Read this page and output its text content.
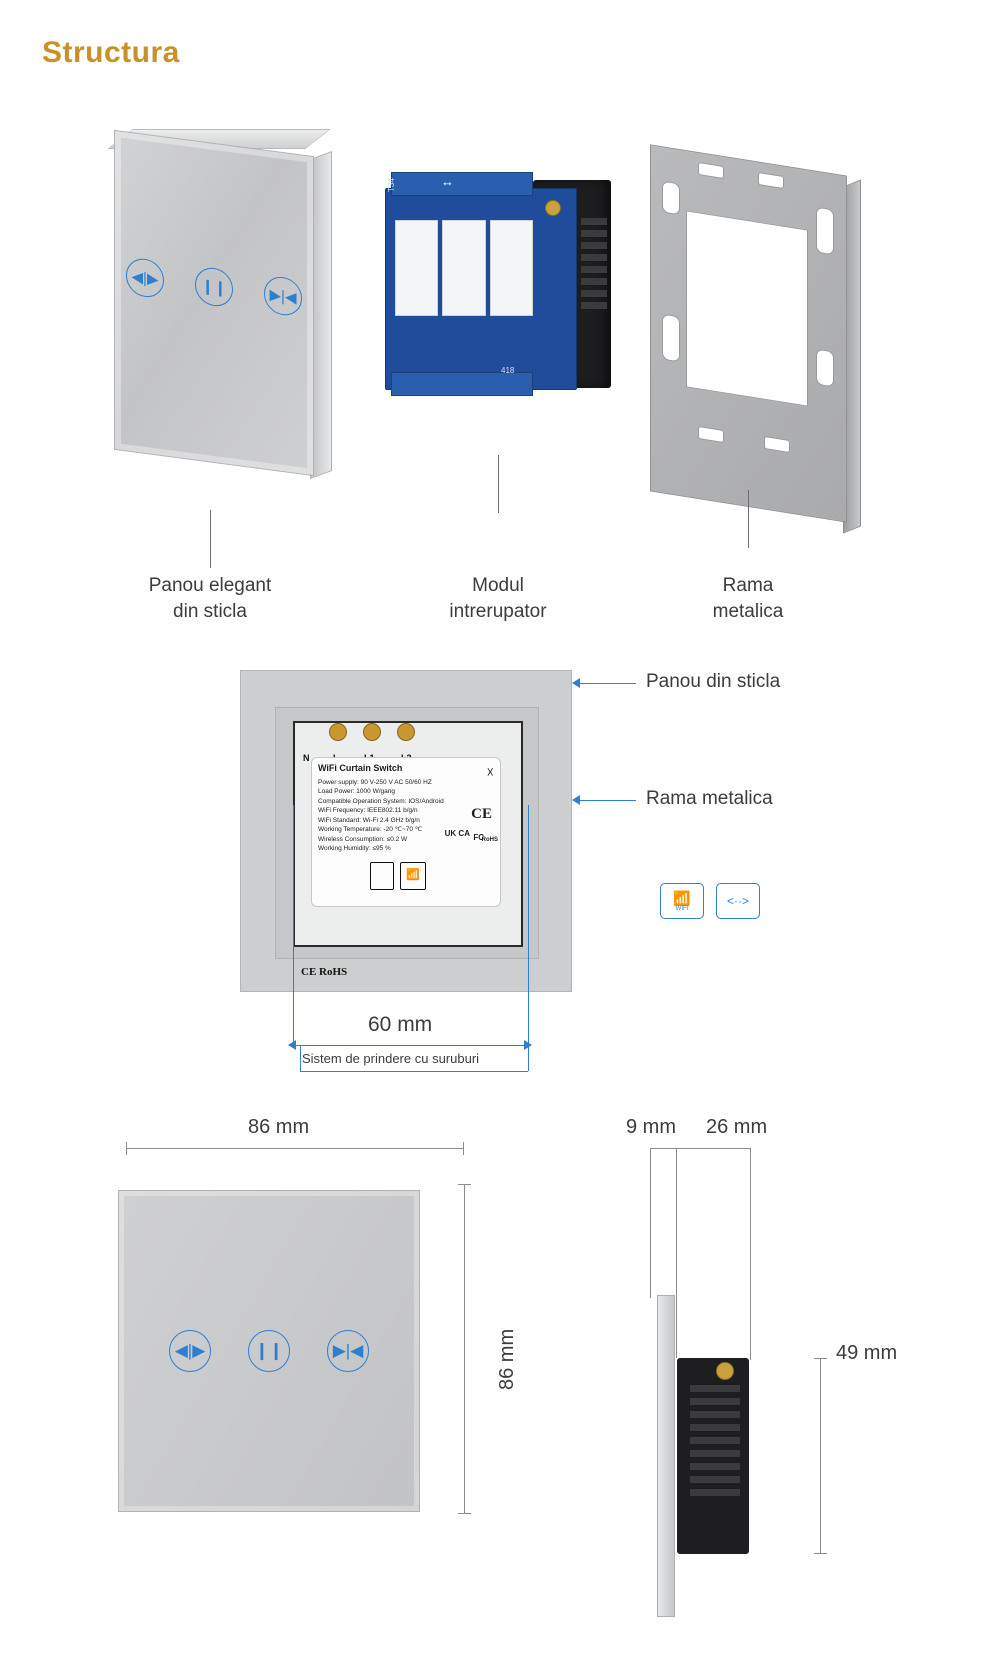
Structura
◀|▶	❙❙	▶|◀
↔
T34
418
Panou elegant
din sticla
Modul
intrerupator
Rama
metalica
N
WiFi Curtain Switch
Power supply: 90 V-250 V AC 50/60 HZ
Load Power: 1000 W/gang
Compatible Operation System: IOS/Android
WiFi Frequency: IEEE802.11 b/g/n
WiFi Standard: Wi-Fi 2.4 GHz b/g/n
Working Temperature: -20 ℃~70 ℃
Wireless Consumption: ≤0.2 W
Working Humidity: ≤95 %
CE
UK CA FC
RoHS
📶
☓
CE RoHS
Panou din sticla
Rama metalica
📶
WIFI
<··>
60 mm
Sistem de prindere cu suruburi
◀|▶	❙❙	▶|◀
86 mm
86 mm
9 mm 26 mm
49 mm
